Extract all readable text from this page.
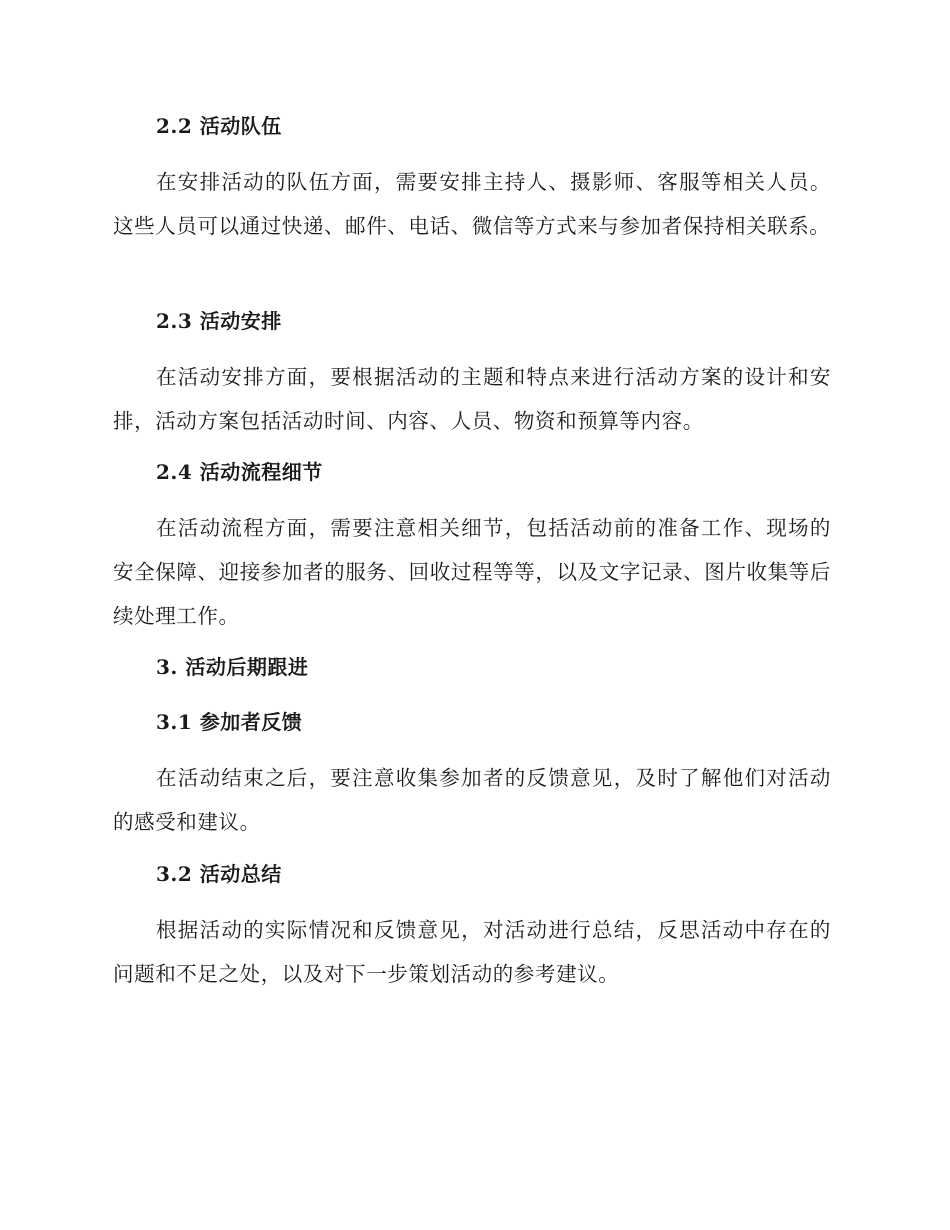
2.2 活动队伍
在安排活动的队伍方面，需要安排主持人、摄影师、客服等相关人员。这些人员可以通过快递、邮件、电话、微信等方式来与参加者保持相关联系。
2.3 活动安排
在活动安排方面，要根据活动的主题和特点来进行活动方案的设计和安排，活动方案包括活动时间、内容、人员、物资和预算等内容。
2.4 活动流程细节
在活动流程方面，需要注意相关细节，包括活动前的准备工作、现场的安全保障、迎接参加者的服务、回收过程等等，以及文字记录、图片收集等后续处理工作。
3. 活动后期跟进
3.1 参加者反馈
在活动结束之后，要注意收集参加者的反馈意见，及时了解他们对活动的感受和建议。
3.2 活动总结
根据活动的实际情况和反馈意见，对活动进行总结，反思活动中存在的问题和不足之处，以及对下一步策划活动的参考建议。
